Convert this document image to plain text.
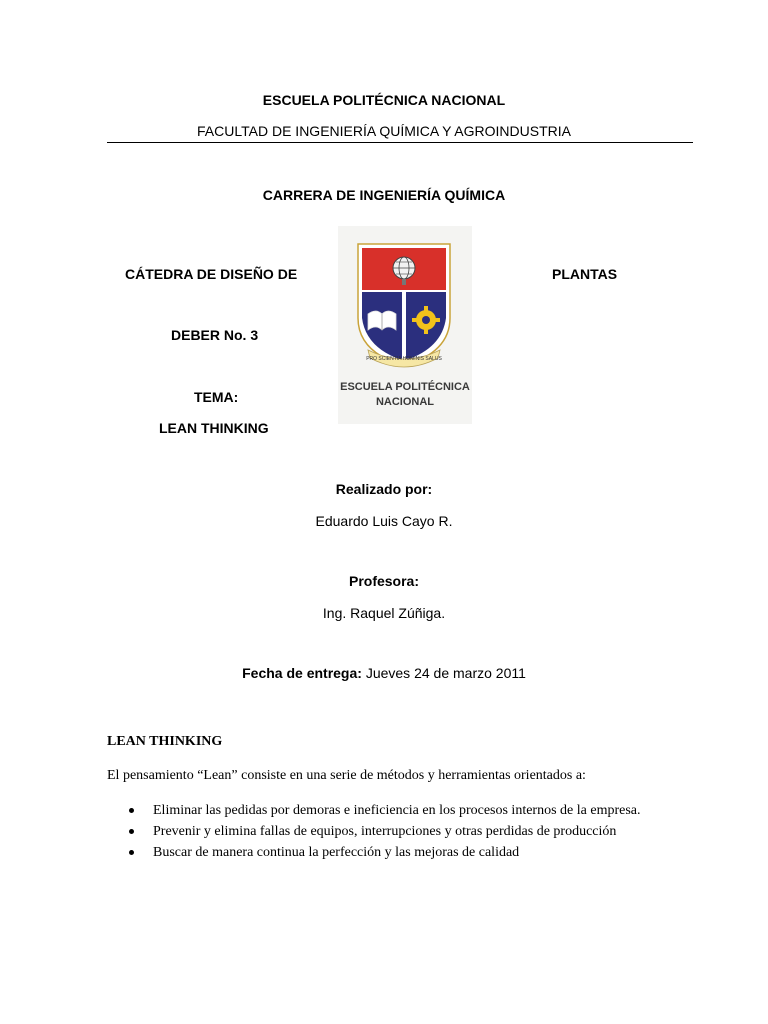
ESCUELA POLITÉCNICA NACIONAL
FACULTAD DE INGENIERÍA QUÍMICA Y AGROINDUSTRIA
CARRERA DE INGENIERÍA QUÍMICA
CÁTEDRA DE DISEÑO DE	PLANTAS
DEBER No. 3
TEMA:
LEAN THINKING
PRO SCIENTIA HOMINIS SALUS
ESCUELA POLITÉCNICA
NACIONAL
Realizado por:
Eduardo Luis Cayo R.
Profesora:
Ing. Raquel Zúñiga.
Fecha de entrega: Jueves 24 de marzo 2011
LEAN THINKING
El pensamiento “Lean” consiste en una serie de métodos y herramientas orientados a:
Eliminar las pedidas por demoras e ineficiencia en los procesos internos de la empresa.
Prevenir y elimina fallas de equipos, interrupciones y otras perdidas de producción
Buscar de manera continua la perfección y las mejoras de calidad
